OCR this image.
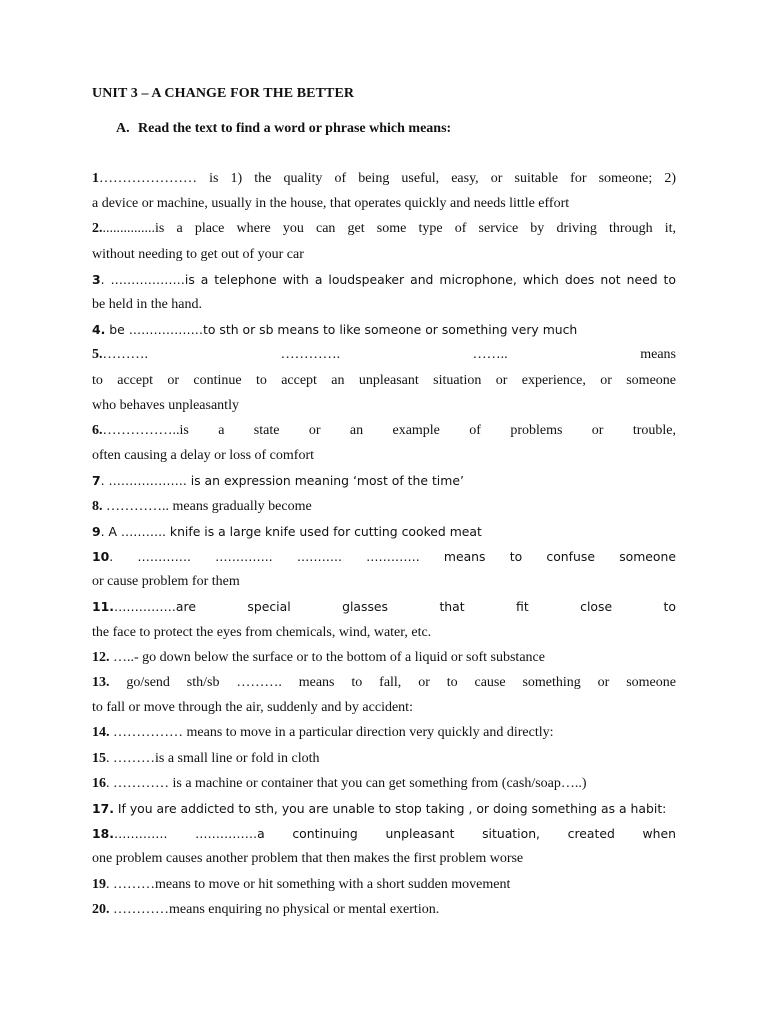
UNIT 3 – A CHANGE FOR THE BETTER
A. Read the text to find a word or phrase which means:
1………………… is 1) the quality of being useful, easy, or suitable for someone; 2)
a device or machine, usually in the house, that operates quickly and needs little effort
2................is a place where you can get some type of service by driving through it,
without needing to get out of your car
3. ………………is a telephone with a loudspeaker and microphone, which does not need to
be held in the hand.
4. be ………………to sth or sb means to like someone or something very much
5.………. …………. …….. means
to accept or continue to accept an unpleasant situation or experience, or someone
who behaves unpleasantly
6.……………..is a state or an example of problems or trouble,
often causing a delay or loss of comfort
7. ………………. is an expression meaning ‘most of the time’
8. ………….. means gradually become
9. A ……….. knife is a large knife used for cutting cooked meat
10. …………. ………….. ……….. …………. means to confuse someone
or cause problem for them
11.……………are special glasses that fit close to
the face to protect the eyes from chemicals, wind, water, etc.
12. …..- go down below the surface or to the bottom of a liquid or soft substance
13. go/send sth/sb ………. means to fall, or to cause something or someone
to fall or move through the air, suddenly and by accident:
14. …………… means to move in a particular direction very quickly and directly:
15. ………is a small line or fold in cloth
16. ………… is a machine or container that you can get something from (cash/soap…..)
17. If you are addicted to sth, you are unable to stop taking , or doing something as a habit:
18.…………. ……………a continuing unpleasant situation, created when
one problem causes another problem that then makes the first problem worse
19. ………means to move or hit something with a short sudden movement
20. …………means enquiring no physical or mental exertion.
